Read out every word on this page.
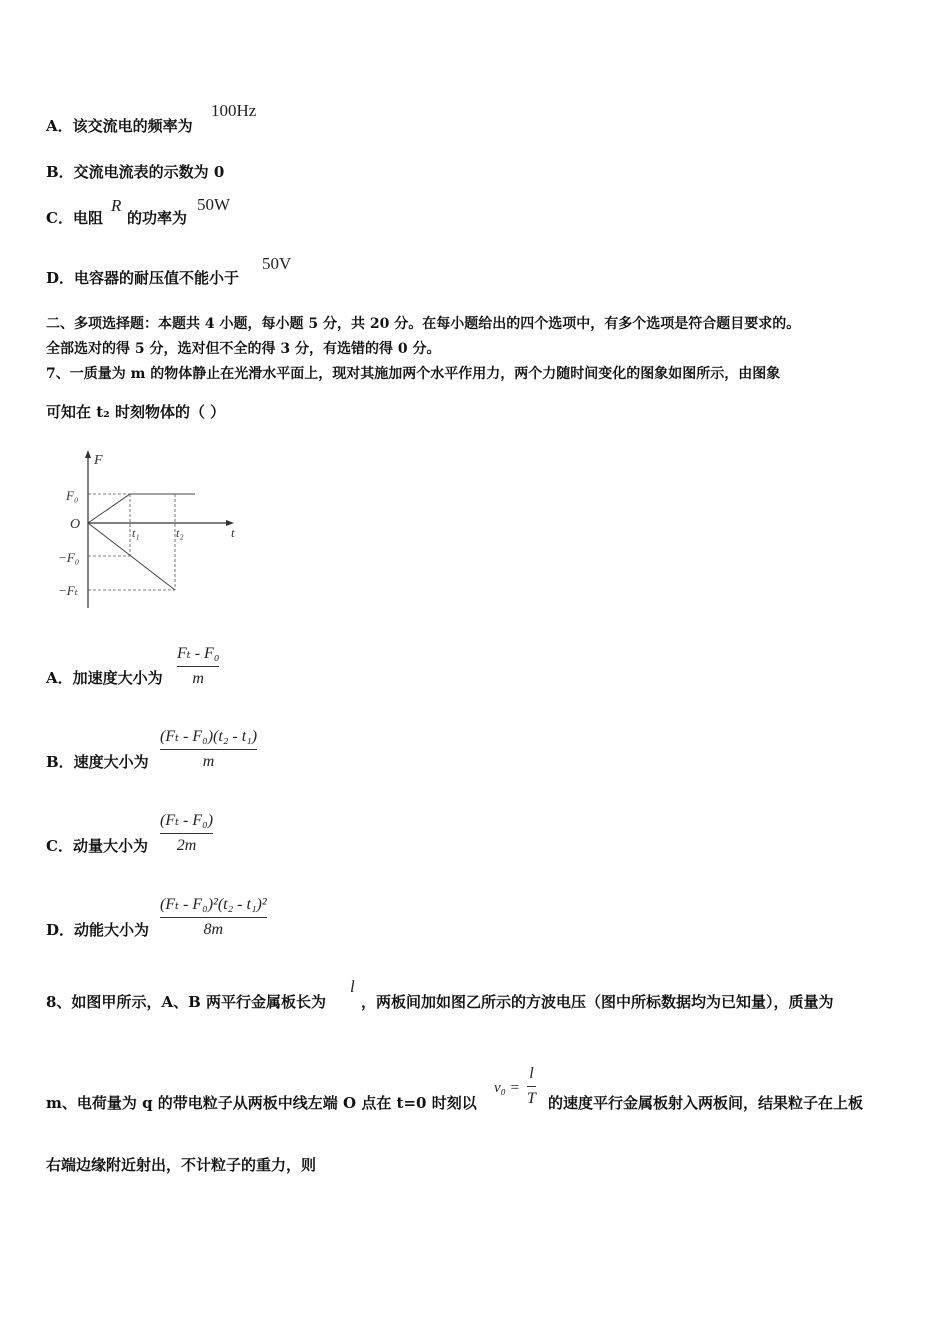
A．该交流电的频率为
100Hz
B．交流电流表的示数为 0
C．电阻
R
的功率为
50W
D．电容器的耐压值不能小于
50V
二、多项选择题：本题共 4 小题，每小题 5 分，共 20 分。在每小题给出的四个选项中，有多个选项是符合题目要求的。
全部选对的得 5 分，选对但不全的得 3 分，有选错的得 0 分。
7、一质量为 m 的物体静止在光滑水平面上，现对其施加两个水平作用力，两个力随时间变化的图象如图所示，由图象
可知在 t₂ 时刻物体的（ ）
F
t
O
F₀
−F₀
−Fₜ
t₁	t₂
A．加速度大小为
Fₜ - F₀
m
B．速度大小为
(Fₜ - F₀)(t₂ - t₁)
m
C．动量大小为
(Fₜ - F₀)
2m
D．动能大小为
(Fₜ - F₀)²(t₂ - t₁)²
8m
8、如图甲所示，A、B 两平行金属板长为
l
，两板间加如图乙所示的方波电压（图中所标数据均为已知量），质量为
m、电荷量为 q 的带电粒子从两板中线左端 O 点在 t=0 时刻以
v₀ =
l
T 的速度平行金属板射入两板间，结果粒子在上板
右端边缘附近射出，不计粒子的重力，则
